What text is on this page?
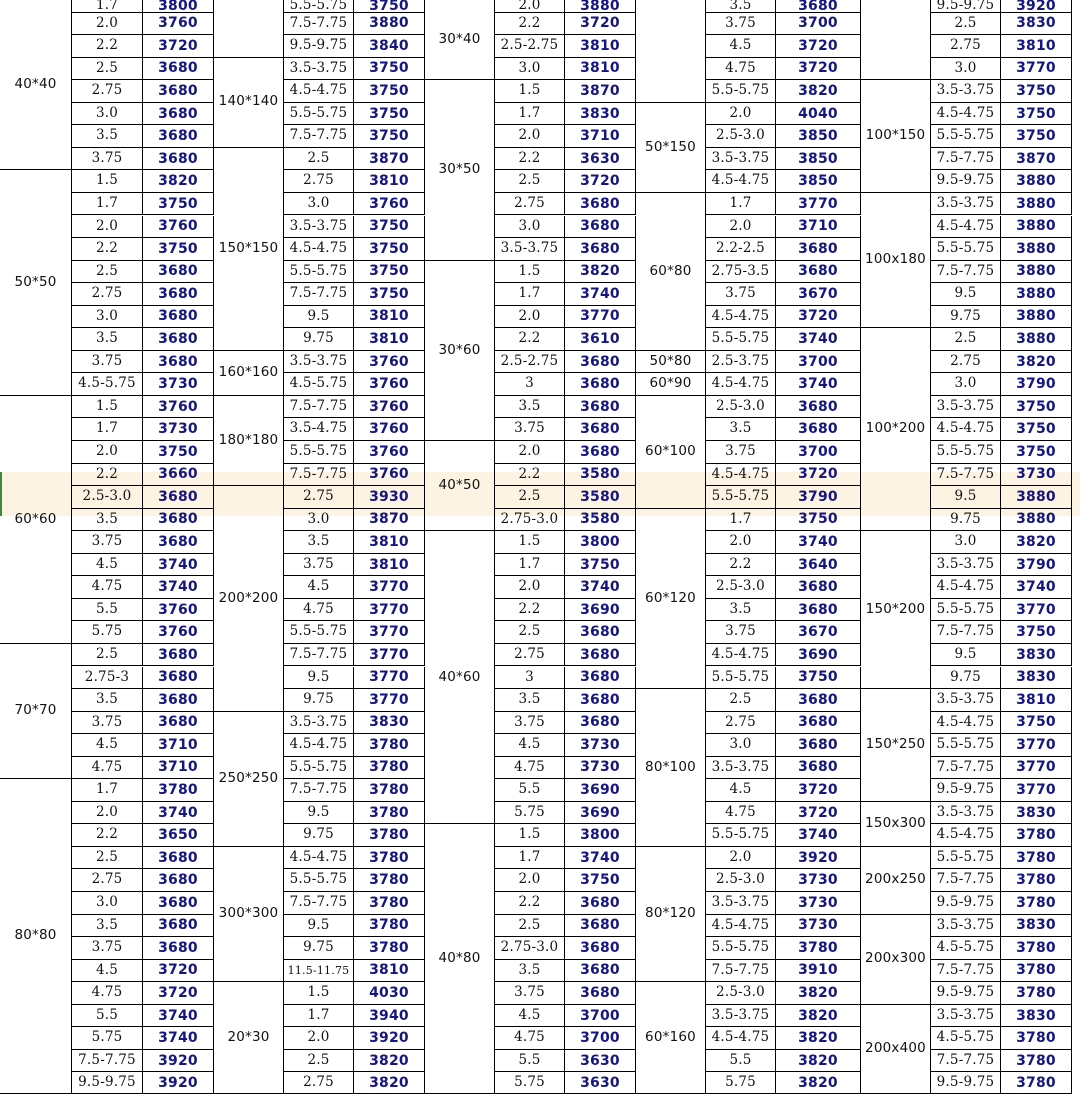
40*40
1.7	3800
2.0	3760
2.2	3720
2.5	3680
2.75	3680
3.0	3680
3.5	3680
3.75	3680
50*50
1.5	3820
1.7	3750
2.0	3760
2.2	3750
2.5	3680
2.75	3680
3.0	3680
3.5	3680
3.75	3680
4.5-5.75	3730
60*60
1.5	3760
1.7	3730
2.0	3750
2.2	3660
2.5-3.0	3680
3.5	3680
3.75	3680
4.5	3740
4.75	3740
5.5	3760
5.75	3760
70*70
2.5	3680
2.75-3	3680
3.5	3680
3.75	3680
4.5	3710
4.75	3710
80*80
1.7	3780
2.0	3740
2.2	3650
2.5	3680
2.75	3680
3.0	3680
3.5	3680
3.75	3680
4.5	3720
4.75	3720
5.5	3740
5.75	3740
7.5-7.75	3920
9.5-9.75	3920
5.5-5.75	3750
7.5-7.75	3880
9.5-9.75	3840
140*140
3.5-3.75	3750
4.5-4.75	3750
5.5-5.75	3750
7.5-7.75	3750
150*150
2.5	3870
2.75	3810
3.0	3760
3.5-3.75	3750
4.5-4.75	3750
5.5-5.75	3750
7.5-7.75	3750
9.5	3810
9.75	3810
160*160
3.5-3.75	3760
4.5-5.75	3760
180*180
7.5-7.75	3760
3.5-4.75	3760
5.5-5.75	3760
7.5-7.75	3760
200*200
2.75	3930
3.0	3870
3.5	3810
3.75	3810
4.5	3770
4.75	3770
5.5-5.75	3770
7.5-7.75	3770
9.5	3770
9.75	3770
250*250
3.5-3.75	3830
4.5-4.75	3780
5.5-5.75	3780
7.5-7.75	3780
9.5	3780
9.75	3780
300*300
4.5-4.75	3780
5.5-5.75	3780
7.5-7.75	3780
9.5	3780
9.75	3780
11.5-11.75	3810
20*30
1.5	4030
1.7	3940
2.0	3920
2.5	3820
2.75	3820
30*40
2.0	3880
2.2	3720
2.5-2.75	3810
3.0	3810
30*50
1.5	3870
1.7	3830
2.0	3710
2.2	3630
2.5	3720
2.75	3680
3.0	3680
3.5-3.75	3680
30*60
1.5	3820
1.7	3740
2.0	3770
2.2	3610
2.5-2.75	3680
3	3680
3.5	3680
3.75	3680
40*50
2.0	3680
2.2	3580
2.5	3580
2.75-3.0	3580
40*60
1.5	3800
1.7	3750
2.0	3740
2.2	3690
2.5	3680
2.75	3680
3	3680
3.5	3680
3.75	3680
4.5	3730
4.75	3730
5.5	3690
5.75	3690
40*80
1.5	3800
1.7	3740
2.0	3750
2.2	3680
2.5	3680
2.75-3.0	3680
3.5	3680
3.75	3680
4.5	3700
4.75	3700
5.5	3630
5.75	3630
3.5	3680
3.75	3700
4.5	3720
4.75	3720
5.5-5.75	3820
50*150
2.0	4040
2.5-3.0	3850
3.5-3.75	3850
4.5-4.75	3850
60*80
1.7	3770
2.0	3710
2.2-2.5	3680
2.75-3.5	3680
3.75	3670
4.5-4.75	3720
5.5-5.75	3740
50*80	2.5-3.75	3700
60*90	4.5-4.75	3740
60*100
2.5-3.0	3680
3.5	3680
3.75	3700
4.5-4.75	3720
5.5-5.75	3790
60*120
1.7	3750
2.0	3740
2.2	3640
2.5-3.0	3680
3.5	3680
3.75	3670
4.5-4.75	3690
5.5-5.75	3750
80*100
2.5	3680
2.75	3680
3.0	3680
3.5-3.75	3680
4.5	3720
4.75	3720
5.5-5.75	3740
80*120
2.0	3920
2.5-3.0	3730
3.5-3.75	3730
4.5-4.75	3730
5.5-5.75	3780
7.5-7.75	3910
60*160
2.5-3.0	3820
3.5-3.75	3820
4.5-4.75	3820
5.5	3820
5.75	3820
9.5-9.75	3920
2.5	3830
2.75	3810
3.0	3770
100*150
3.5-3.75	3750
4.5-4.75	3750
5.5-5.75	3750
7.5-7.75	3870
9.5-9.75	3880
100x180
3.5-3.75	3880
4.5-4.75	3880
5.5-5.75	3880
7.5-7.75	3880
9.5	3880
9.75	3880
100*200
2.5	3880
2.75	3820
3.0	3790
3.5-3.75	3750
4.5-4.75	3750
5.5-5.75	3750
7.5-7.75	3730
9.5	3880
9.75	3880
150*200
3.0	3820
3.5-3.75	3790
4.5-4.75	3740
5.5-5.75	3770
7.5-7.75	3750
9.5	3830
9.75	3830
150*250
3.5-3.75	3810
4.5-4.75	3750
5.5-5.75	3770
7.5-7.75	3770
9.5-9.75	3770
150x300
3.5-3.75	3830
4.5-4.75	3780
200x250
5.5-5.75	3780
7.5-7.75	3780
9.5-9.75	3780
200x300
3.5-3.75	3830
4.5-5.75	3780
7.5-7.75	3780
9.5-9.75	3780
200x400
3.5-3.75	3830
4.5-5.75	3780
7.5-7.75	3780
9.5-9.75	3780
